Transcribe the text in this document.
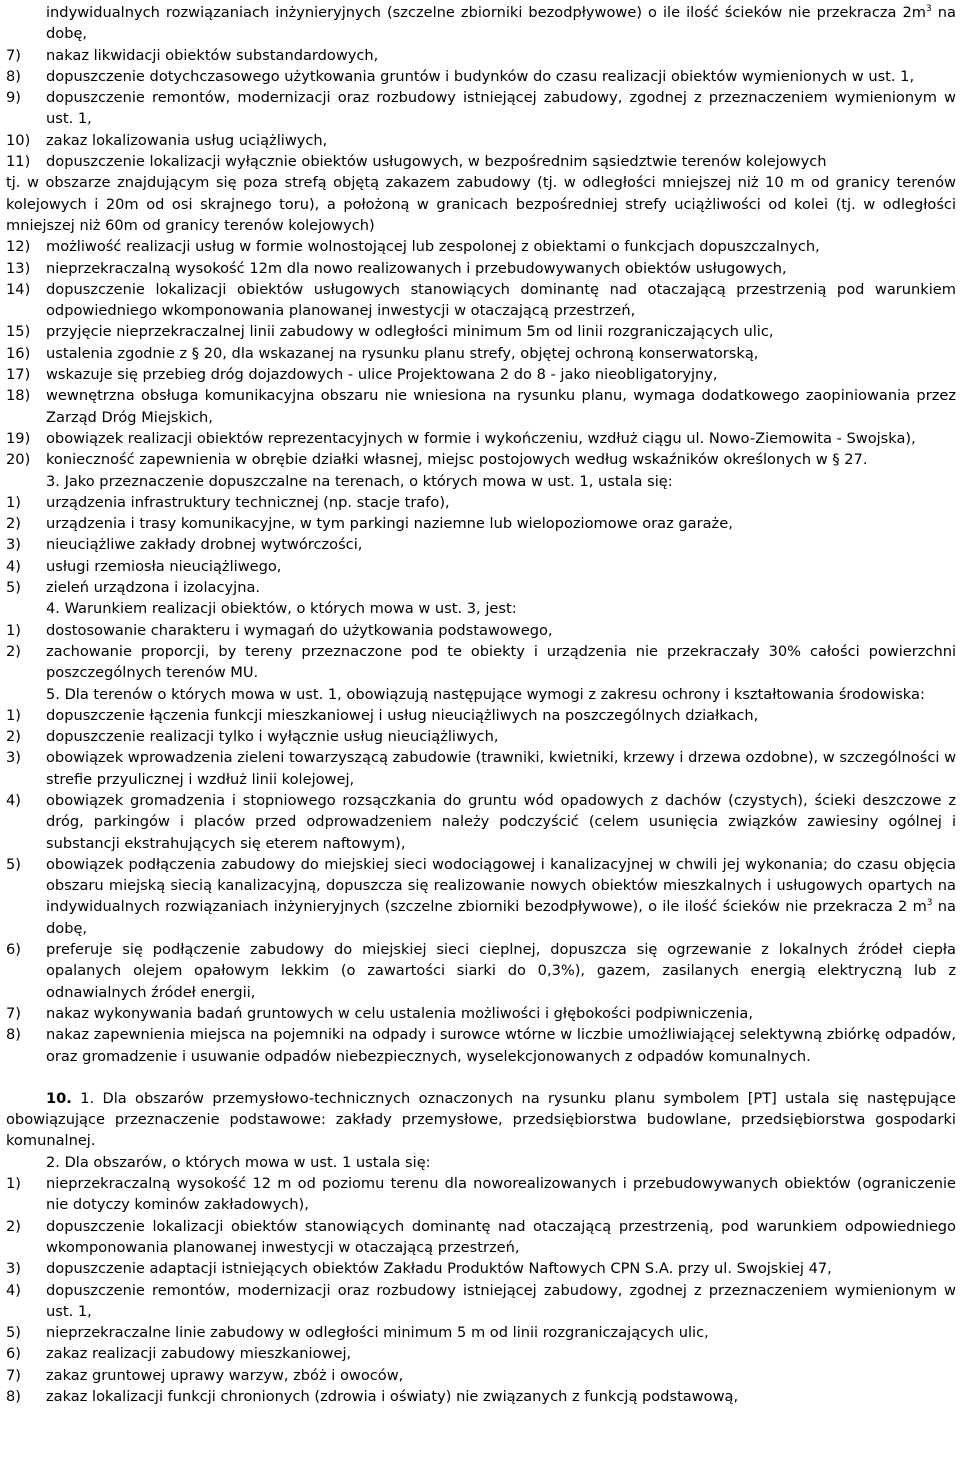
indywidualnych rozwiązaniach inżynieryjnych (szczelne zbiorniki bezodpływowe) o ile ilość ścieków nie przekracza $2m^3$ na dobę,
7)	nakaz likwidacji obiektów substandardowych,
8)	dopuszczenie dotychczasowego użytkowania gruntów i budynków do czasu realizacji obiektów wymienionych w ust. 1,
9)	dopuszczenie remontów, modernizacji oraz rozbudowy istniejącej zabudowy, zgodnej z przeznaczeniem wymienionym w ust. 1,
10)	zakaz lokalizowania usług uciążliwych,
11)	dopuszczenie lokalizacji wyłącznie obiektów usługowych, w bezpośrednim sąsiedztwie terenów kolejowych
tj. w obszarze znajdującym się poza strefą objętą zakazem zabudowy (tj. w odległości mniejszej niż 10 m od granicy terenów kolejowych i 20m od osi skrajnego toru), a położoną w granicach bezpośredniej strefy uciążliwości od kolei (tj. w odległości mniejszej niż 60m od granicy terenów kolejowych)
12)	możliwość realizacji usług w formie wolnostojącej lub zespolonej z obiektami o funkcjach dopuszczalnych,
13)	nieprzekraczalną wysokość 12m dla nowo realizowanych i przebudowywanych obiektów usługowych,
14)	dopuszczenie lokalizacji obiektów usługowych stanowiących dominantę nad otaczającą przestrzenią pod warunkiem odpowiedniego wkomponowania planowanej inwestycji w otaczającą przestrzeń,
15)	przyjęcie nieprzekraczalnej linii zabudowy w odległości minimum 5m od linii rozgraniczających ulic,
16)	ustalenia zgodnie z § 20, dla wskazanej na rysunku planu strefy, objętej ochroną konserwatorską,
17)	wskazuje się przebieg dróg dojazdowych - ulice Projektowana 2 do 8 - jako nieobligatoryjny,
18)	wewnętrzna obsługa komunikacyjna obszaru nie wniesiona na rysunku planu, wymaga dodatkowego zaopiniowania przez Zarząd Dróg Miejskich,
19)	obowiązek realizacji obiektów reprezentacyjnych w formie i wykończeniu, wzdłuż ciągu ul. Nowo-Ziemowita - Swojska),
20)	konieczność zapewnienia w obrębie działki własnej, miejsc postojowych według wskaźników określonych w § 27.
3. Jako przeznaczenie dopuszczalne na terenach, o których mowa w ust. 1, ustala się:
1)	urządzenia infrastruktury technicznej (np. stacje trafo),
2)	urządzenia i trasy komunikacyjne, w tym parkingi naziemne lub wielopoziomowe oraz garaże,
3)	nieuciążliwe zakłady drobnej wytwórczości,
4)	usługi rzemiosła nieuciążliwego,
5)	zieleń urządzona i izolacyjna.
4. Warunkiem realizacji obiektów, o których mowa w ust. 3, jest:
1)	dostosowanie charakteru i wymagań do użytkowania podstawowego,
2)	zachowanie proporcji, by tereny przeznaczone pod te obiekty i urządzenia nie przekraczały 30% całości powierzchni poszczególnych terenów MU.
5. Dla terenów o których mowa w ust. 1, obowiązują następujące wymogi z zakresu ochrony i kształtowania środowiska:
1)	dopuszczenie łączenia funkcji mieszkaniowej i usług nieuciążliwych na poszczególnych działkach,
2)	dopuszczenie realizacji tylko i wyłącznie usług nieuciążliwych,
3)	obowiązek wprowadzenia zieleni towarzyszącą zabudowie (trawniki, kwietniki, krzewy i drzewa ozdobne), w szczególności w strefie przyulicznej i wzdłuż linii kolejowej,
4)	obowiązek gromadzenia i stopniowego rozsączkania do gruntu wód opadowych z dachów (czystych), ścieki deszczowe z dróg, parkingów i placów przed odprowadzeniem należy podczyścić (celem usunięcia związków zawiesiny ogólnej i substancji ekstrahujących się eterem naftowym),
5)	obowiązek podłączenia zabudowy do miejskiej sieci wodociągowej i kanalizacyjnej w chwili jej wykonania; do czasu objęcia obszaru miejską siecią kanalizacyjną, dopuszcza się realizowanie nowych obiektów mieszkalnych i usługowych opartych na indywidualnych rozwiązaniach inżynieryjnych (szczelne zbiorniki bezodpływowe), o ile ilość ścieków nie przekracza 2 $m^3$ na dobę,
6)	preferuje się podłączenie zabudowy do miejskiej sieci cieplnej, dopuszcza się ogrzewanie z lokalnych źródeł ciepła opalanych olejem opałowym lekkim (o zawartości siarki do 0,3%), gazem, zasilanych energią elektryczną lub z odnawialnych źródeł energii,
7)	nakaz wykonywania badań gruntowych w celu ustalenia możliwości i głębokości podpiwniczenia,
8)	nakaz zapewnienia miejsca na pojemniki na odpady i surowce wtórne w liczbie umożliwiającej selektywną zbiórkę odpadów, oraz gromadzenie i usuwanie odpadów niebezpiecznych, wyselekcjonowanych z odpadów komunalnych.
10. 1. Dla obszarów przemysłowo-technicznych oznaczonych na rysunku planu symbolem [PT] ustala się następujące obowiązujące przeznaczenie podstawowe: zakłady przemysłowe, przedsiębiorstwa budowlane, przedsiębiorstwa gospodarki komunalnej.
2. Dla obszarów, o których mowa w ust. 1 ustala się:
1)	nieprzekraczalną wysokość 12 m od poziomu terenu dla noworealizowanych i przebudowywanych obiektów (ograniczenie nie dotyczy kominów zakładowych),
2)	dopuszczenie lokalizacji obiektów stanowiących dominantę nad otaczającą przestrzenią, pod warunkiem odpowiedniego wkomponowania planowanej inwestycji w otaczającą przestrzeń,
3)	dopuszczenie adaptacji istniejących obiektów Zakładu Produktów Naftowych CPN S.A. przy ul. Swojskiej 47,
4)	dopuszczenie remontów, modernizacji oraz rozbudowy istniejącej zabudowy, zgodnej z przeznaczeniem wymienionym w ust. 1,
5)	nieprzekraczalne linie zabudowy w odległości minimum 5 m od linii rozgraniczających ulic,
6)	zakaz realizacji zabudowy mieszkaniowej,
7)	zakaz gruntowej uprawy warzyw, zbóż i owoców,
8)	zakaz lokalizacji funkcji chronionych (zdrowia i oświaty) nie związanych z funkcją podstawową,
